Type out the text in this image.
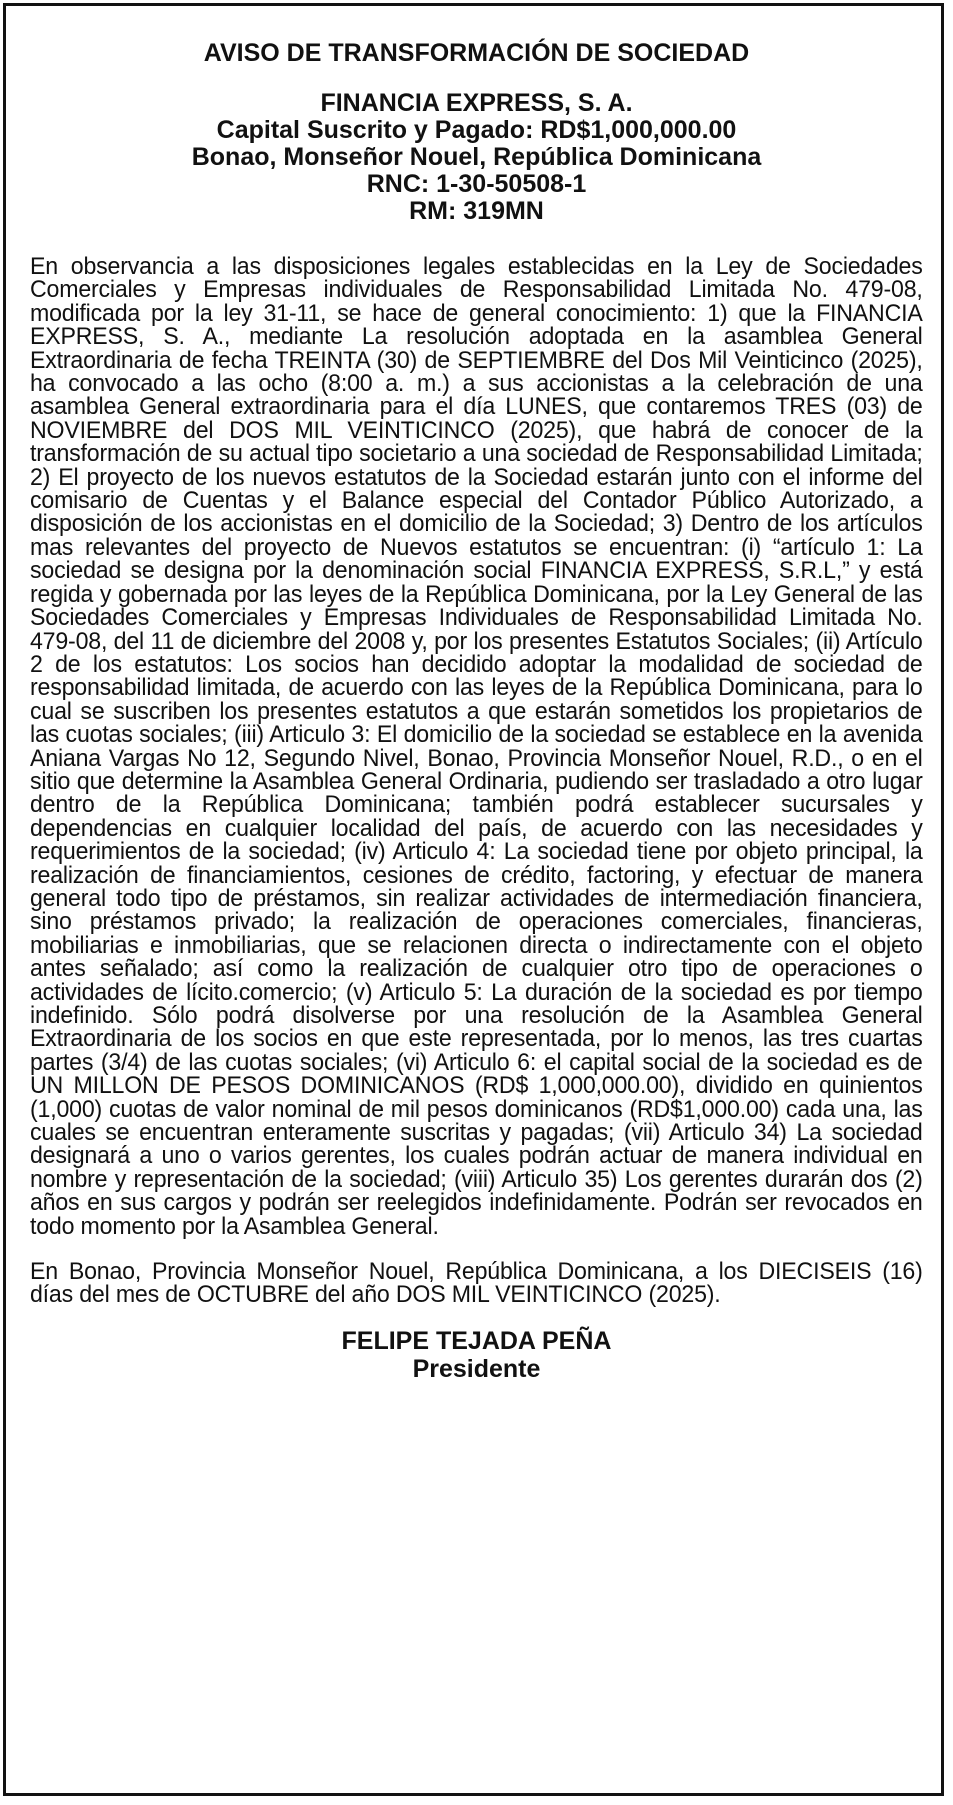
AVISO DE TRANSFORMACIÓN DE SOCIEDAD
FINANCIA EXPRESS, S. A.
Capital Suscrito y Pagado: RD$1,000,000.00
Bonao, Monseñor Nouel, República Dominicana
RNC: 1-30-50508-1
RM: 319MN
En observancia a las disposiciones legales establecidas en la Ley de Sociedades Comerciales y Empresas individuales de Responsabilidad Limitada No. 479-08, modificada por la ley 31-11, se hace de general conocimiento: 1) que la FINANCIA EXPRESS, S. A., mediante La resolución adoptada en la asamblea General Extraordinaria de fecha TREINTA (30) de SEPTIEMBRE del Dos Mil Veinticinco (2025), ha convocado a las ocho (8:00 a. m.) a sus accionistas a la celebración de una asamblea General extraordinaria para el día LUNES, que contaremos TRES (03) de NOVIEMBRE del DOS MIL VEINTICINCO (2025), que habrá de conocer de la transformación de su actual tipo societario a una sociedad de Responsabilidad Limitada; 2) El proyecto de los nuevos estatutos de la Sociedad estarán junto con el informe del comisario de Cuentas y el Balance especial del Contador Público Autorizado, a disposición de los accionistas en el domicilio de la Sociedad; 3) Dentro de los artículos mas relevantes del proyecto de Nuevos estatutos se encuentran: (i) “artículo 1: La sociedad se designa por la denominación social FINANCIA EXPRESS, S.R.L,” y está regida y gobernada por las leyes de la República Dominicana, por la Ley General de las Sociedades Comerciales y Empresas Individuales de Responsabilidad Limitada No. 479-08, del 11 de diciembre del 2008 y, por los presentes Estatutos Sociales; (ii) Artículo 2 de los estatutos: Los socios han decidido adoptar la modalidad de sociedad de responsabilidad limitada, de acuerdo con las leyes de la República Dominicana, para lo cual se suscriben los presentes estatutos a que estarán sometidos los propietarios de las cuotas sociales; (iii) Articulo 3: El domicilio de la sociedad se establece en la avenida Aniana Vargas No 12, Segundo Nivel, Bonao, Provincia Monseñor Nouel, R.D., o en el sitio que determine la Asamblea General Ordinaria, pudiendo ser trasladado a otro lugar dentro de la República Dominicana; también podrá establecer sucursales y dependencias en cualquier localidad del país, de acuerdo con las necesidades y requerimientos de la sociedad; (iv) Articulo 4: La sociedad tiene por objeto principal, la realización de financiamientos, cesiones de crédito, factoring, y efectuar de manera general todo tipo de préstamos, sin realizar actividades de intermediación financiera, sino préstamos privado; la realización de operaciones comerciales, financieras, mobiliarias e inmobiliarias, que se relacionen directa o indirectamente con el objeto antes señalado; así como la realización de cualquier otro tipo de operaciones o actividades de lícito.comercio; (v) Articulo 5: La duración de la sociedad es por tiempo indefinido. Sólo podrá disolverse por una resolución de la Asamblea General Extraordinaria de los socios en que este representada, por lo menos, las tres cuartas partes (3/4) de las cuotas sociales; (vi) Articulo 6: el capital social de la sociedad es de UN MILLON DE PESOS DOMINICANOS (RD$ 1,000,000.00), dividido en quinientos (1,000) cuotas de valor nominal de mil pesos dominicanos (RD$1,000.00) cada una, las cuales se encuentran enteramente suscritas y pagadas; (vii) Articulo 34) La sociedad designará a uno o varios gerentes, los cuales podrán actuar de manera individual en nombre y representación de la sociedad; (viii) Articulo 35) Los gerentes durarán dos (2) años en sus cargos y podrán ser reelegidos indefinidamente. Podrán ser revocados en todo momento por la Asamblea General.
En Bonao, Provincia Monseñor Nouel, República Dominicana, a los DIECISEIS (16) días del mes de OCTUBRE del año DOS MIL VEINTICINCO (2025).
FELIPE TEJADA PEÑA
Presidente
